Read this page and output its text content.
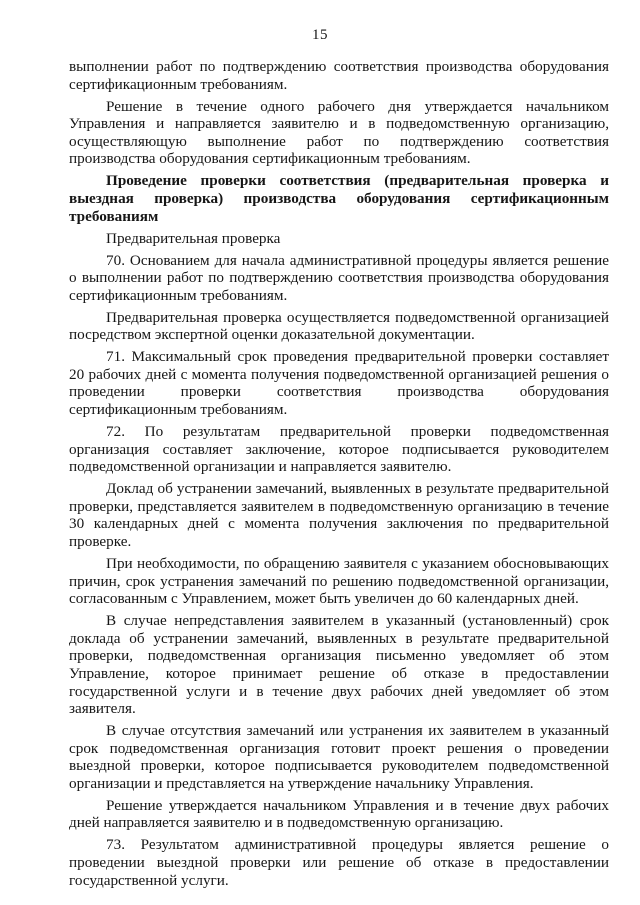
15

выполнении работ по подтверждению соответствия производства оборудования сертификационным требованиям.

Решение в течение одного рабочего дня утверждается начальником Управления и направляется заявителю и в подведомственную организацию, осуществляющую выполнение работ по подтверждению соответствия производства оборудования сертификационным требованиям.

Проведение проверки соответствия (предварительная проверка и выездная проверка) производства оборудования сертификационным требованиям

Предварительная проверка

70. Основанием для начала административной процедуры является решение о выполнении работ по подтверждению соответствия производства оборудования сертификационным требованиям.

Предварительная проверка осуществляется подведомственной организацией посредством экспертной оценки доказательной документации.

71. Максимальный срок проведения предварительной проверки составляет 20 рабочих дней с момента получения подведомственной организацией решения о проведении проверки соответствия производства оборудования сертификационным требованиям.

72. По результатам предварительной проверки подведомственная организация составляет заключение, которое подписывается руководителем подведомственной организации и направляется заявителю.

Доклад об устранении замечаний, выявленных в результате предварительной проверки, представляется заявителем в подведомственную организацию в течение 30 календарных дней с момента получения заключения по предварительной проверке.

При необходимости, по обращению заявителя с указанием обосновывающих причин, срок устранения замечаний по решению подведомственной организации, согласованным с Управлением, может быть увеличен до 60 календарных дней.

В случае непредставления заявителем в указанный (установленный) срок доклада об устранении замечаний, выявленных в результате предварительной проверки, подведомственная организация письменно уведомляет об этом Управление, которое принимает решение об отказе в предоставлении государственной услуги и в течение двух рабочих дней уведомляет об этом заявителя.

В случае отсутствия замечаний или устранения их заявителем в указанный срок подведомственная организация готовит проект решения о проведении выездной проверки, которое подписывается руководителем подведомственной организации и представляется на утверждение начальнику Управления.

Решение утверждается начальником Управления и в течение двух рабочих дней направляется заявителю и в подведомственную организацию.

73. Результатом административной процедуры является решение о проведении выездной проверки или решение об отказе в предоставлении государственной услуги.
